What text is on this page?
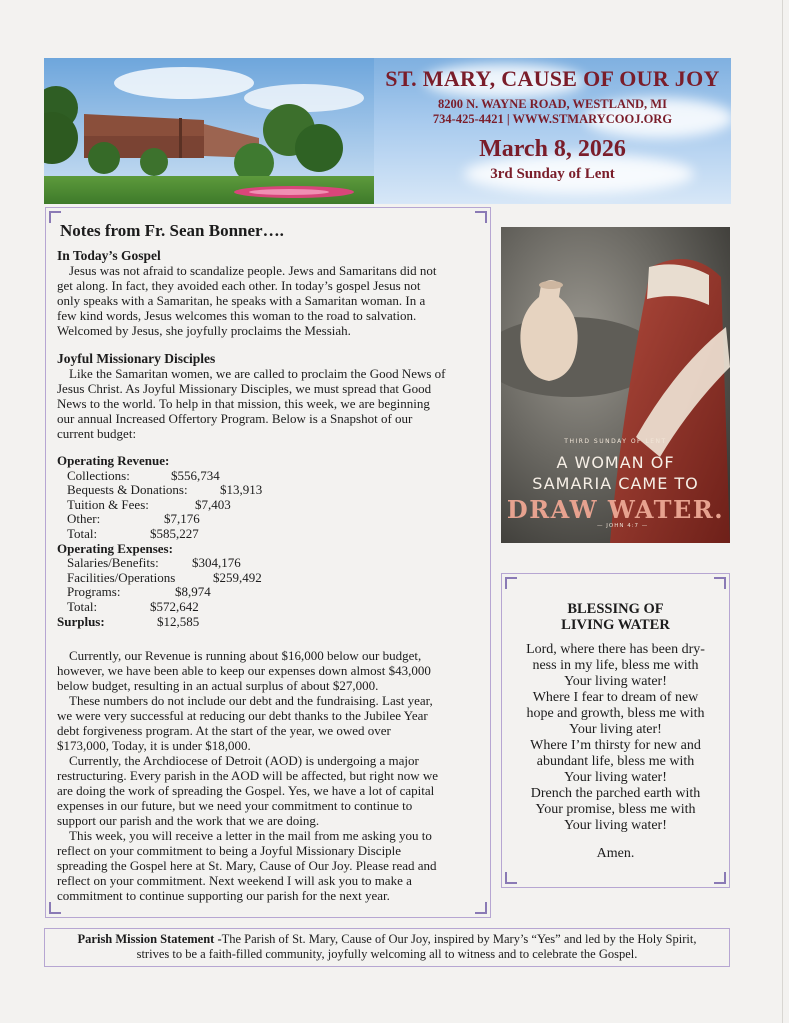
ST. MARY, CAUSE OF OUR JOY
8200 N. WAYNE ROAD, WESTLAND, MI
734-425-4421 | WWW.STMARYCOOJ.ORG
March 8, 2026
3rd Sunday of Lent
Notes from Fr. Sean Bonner….
In Today’s Gospel
Jesus was not afraid to scandalize people. Jews and Samaritans did not
get along. In fact, they avoided each other. In today’s gospel Jesus not
only speaks with a Samaritan, he speaks with a Samaritan woman. In a
few kind words, Jesus welcomes this woman to the road to salvation.
Welcomed by Jesus, she joyfully proclaims the Messiah.
Joyful Missionary Disciples
Like the Samaritan women, we are called to proclaim the Good News of
Jesus Christ. As Joyful Missionary Disciples, we must spread that Good
News to the world. To help in that mission, this week, we are beginning
our annual Increased Offertory Program. Below is a Snapshot of our
current budget:
Operating Revenue:
Collections:	$556,734
Bequests & Donations: $13,913
Tuition & Fees:	$7,403
Other:	$7,176
Total:	$585,227
Operating Expenses:
Salaries/Benefits:	$304,176
Facilities/Operations	$259,492
Programs:	$8,974
Total:	$572,642
Surplus:	$12,585
Currently, our Revenue is running about $16,000 below our budget,
however, we have been able to keep our expenses down almost $43,000
below budget, resulting in an actual surplus of about $27,000.
These numbers do not include our debt and the fundraising. Last year,
we were very successful at reducing our debt thanks to the Jubilee Year
debt forgiveness program. At the start of the year, we owed over
$173,000, Today, it is under $18,000.
Currently, the Archdiocese of Detroit (AOD) is undergoing a major
restructuring. Every parish in the AOD will be affected, but right now we
are doing the work of spreading the Gospel. Yes, we have a lot of capital
expenses in our future, but we need your commitment to continue to
support our parish and the work that we are doing.
This week, you will receive a letter in the mail from me asking you to
reflect on your commitment to being a Joyful Missionary Disciple
spreading the Gospel here at St. Mary, Cause of Our Joy. Please read and
reflect on your commitment. Next weekend I will ask you to make a
commitment to continue supporting our parish for the next year.
THIRD SUNDAY OF LENT
A WOMAN OF
SAMARIA CAME TO
DRAW WATER.
— JOHN 4:7 —
BLESSING OF
LIVING WATER
Lord, where there has been dry-
ness in my life, bless me with
Your living water!
Where I fear to dream of new
hope and growth, bless me with
Your living ater!
Where I’m thirsty for new and
abundant life, bless me with
Your living water!
Drench the parched earth with
Your promise, bless me with
Your living water!
Amen.
Parish Mission Statement -The Parish of St. Mary, Cause of Our Joy, inspired by Mary’s “Yes” and led by the Holy Spirit,
strives to be a faith-filled community, joyfully welcoming all to witness and to celebrate the Gospel.
